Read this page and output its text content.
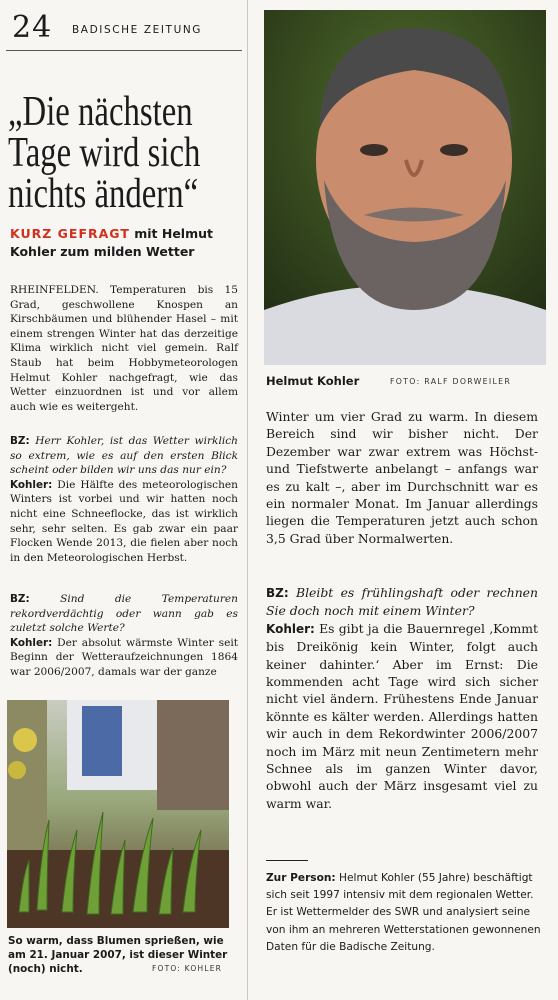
24 BADISCHE ZEITUNG
„Die nächsten
Tage wird sich
nichts ändern“
KURZ GEFRAGT mit Helmut Kohler zum milden Wetter
RHEINFELDEN. Temperaturen bis 15 Grad, geschwollene Knospen an Kirschbäumen und blühender Hasel – mit einem strengen Winter hat das derzeitige Klima wirklich nicht viel gemein. Ralf Staub hat beim Hobbymeteorologen Helmut Kohler nachgefragt, wie das Wetter einzuordnen ist und vor allem auch wie es weitergeht.
BZ: Herr Kohler, ist das Wetter wirklich so extrem, wie es auf den ersten Blick scheint oder bilden wir uns das nur ein?
Kohler: Die Hälfte des meteorologischen Winters ist vorbei und wir hatten noch nicht eine Schneeflocke, das ist wirklich sehr, sehr selten. Es gab zwar ein paar Flocken Wende 2013, die fielen aber noch in den Meteorologischen Herbst.
BZ: Sind die Temperaturen rekordverdächtig oder wann gab es zuletzt solche Werte?
Kohler: Der absolut wärmste Winter seit Beginn der Wetteraufzeichnungen 1864 war 2006/2007, damals war der ganze
So warm, dass Blumen sprießen, wie am 21. Januar 2007, ist dieser Winter (noch) nicht.	FOTO: KOHLER
Helmut Kohler	FOTO: RALF DORWEILER
Winter um vier Grad zu warm. In diesem Bereich sind wir bisher nicht. Der Dezember war zwar extrem was Höchst- und Tiefstwerte anbelangt – anfangs war es zu kalt –, aber im Durchschnitt war es ein normaler Monat. Im Januar allerdings liegen die Temperaturen jetzt auch schon 3,5 Grad über Normalwerten.
BZ: Bleibt es frühlingshaft oder rechnen Sie doch noch mit einem Winter?
Kohler: Es gibt ja die Bauernregel ‚Kommt bis Dreikönig kein Winter, folgt auch keiner dahinter.‘ Aber im Ernst: Die kommenden acht Tage wird sich sicher nicht viel ändern. Frühestens Ende Januar könnte es kälter werden. Allerdings hatten wir auch in dem Rekordwinter 2006/2007 noch im März mit neun Zentimetern mehr Schnee als im ganzen Winter davor, obwohl auch der März insgesamt viel zu warm war.
Zur Person: Helmut Kohler (55 Jahre) beschäftigt sich seit 1997 intensiv mit dem regionalen Wetter. Er ist Wettermelder des SWR und analysiert seine von ihm an mehreren Wetterstationen gewonnenen Daten für die Badische Zeitung.
